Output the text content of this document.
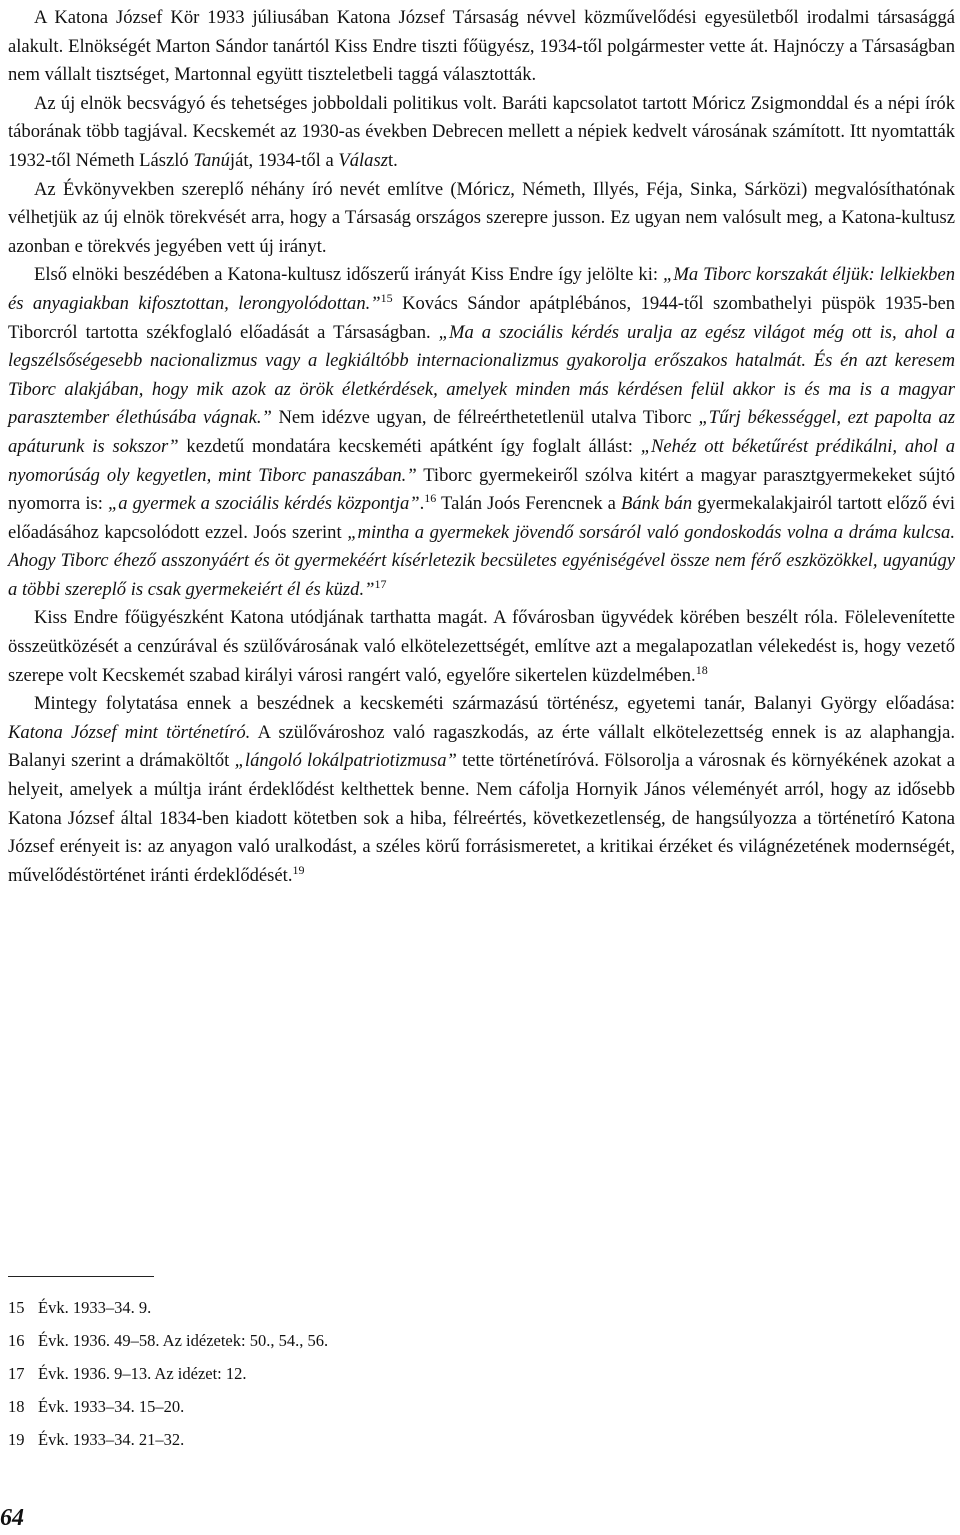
A Katona József Kör 1933 júliusában Katona József Társaság névvel közművelődési egyesületből irodalmi társasággá alakult. Elnökségét Marton Sándor tanártól Kiss Endre tiszti főügyész, 1934-től polgármester vette át. Hajnóczy a Társaságban nem vállalt tisztséget, Martonnal együtt tiszteletbeli taggá választották.

Az új elnök becsvágyó és tehetséges jobboldali politikus volt. Baráti kapcsolatot tartott Móricz Zsigmonddal és a népi írók táborának több tagjával. Kecskemét az 1930-as években Debrecen mellett a népiek kedvelt városának számított. Itt nyomtatták 1932-től Németh László Tanúját, 1934-től a Választ.

Az Évkönyvekben szereplő néhány író nevét említve (Móricz, Németh, Illyés, Féja, Sinka, Sárközi) megvalósíthatónak vélhetjük az új elnök törekvését arra, hogy a Társaság országos szerepre jusson. Ez ugyan nem valósult meg, a Katona-kultusz azonban e törekvés jegyében vett új irányt.

Első elnöki beszédében a Katona-kultusz időszerű irányát Kiss Endre így jelölte ki: „Ma Tiborc korszakát éljük: lelkiekben és anyagiakban kifosztottan, lerongyolódottan.”$^{15}$ Kovács Sándor apátplébános, 1944-től szombathelyi püspök 1935-ben Tiborcról tartotta székfoglaló előadását a Társaságban. „Ma a szociális kérdés uralja az egész világot még ott is, ahol a legszélsőségesebb nacionalizmus vagy a legkiáltóbb internacionalizmus gyakorolja erőszakos hatalmát. És én azt keresem Tiborc alakjában, hogy mik azok az örök életkérdések, amelyek minden más kérdésen felül akkor is és ma is a magyar parasztember élethúsába vágnak.” Nem idézve ugyan, de félreérthetetlenül utalva Tiborc „Tűrj békességgel, ezt papolta az apáturunk is sokszor” kezdetű mondatára kecskeméti apátként így foglalt állást: „Nehéz ott béketűrést prédikálni, ahol a nyomorúság oly kegyetlen, mint Tiborc panaszában.” Tiborc gyermekeiről szólva kitért a magyar parasztgyermekeket sújtó nyomorra is: „a gyermek a szociális kérdés központja”.$^{16}$ Talán Joós Ferencnek a Bánk bán gyermekalakjairól tartott előző évi előadásához kapcsolódott ezzel. Joós szerint „mintha a gyermekek jövendő sorsáról való gondoskodás volna a dráma kulcsa. Ahogy Tiborc éhező asszonyáért és öt gyermekéért kísérletezik becsületes egyéniségével össze nem férő eszközökkel, ugyanúgy a többi szereplő is csak gyermekeiért él és küzd.”$^{17}$

Kiss Endre főügyészként Katona utódjának tarthatta magát. A fővárosban ügyvédek körében beszélt róla. Fölelevenítette összeütközését a cenzúrával és szülővárosának való elkötelezettségét, említve azt a megalapozatlan vélekedést is, hogy vezető szerepe volt Kecskemét szabad királyi városi rangért való, egyelőre sikertelen küzdelmében.$^{18}$

Mintegy folytatása ennek a beszédnek a kecskeméti származású történész, egyetemi tanár, Balanyi György előadása: Katona József mint történetíró. A szülővároshoz való ragaszkodás, az érte vállalt elkötelezettség ennek is az alaphangja. Balanyi szerint a drámaköltőt „lángoló lokálpatriotizmusa” tette történetíróvá. Fölsorolja a városnak és környékének azokat a helyeit, amelyek a múltja iránt érdeklődést kelthettek benne. Nem cáfolja Hornyik János véleményét arról, hogy az idősebb Katona József által 1834-ben kiadott kötetben sok a hiba, félreértés, következetlenség, de hangsúlyozza a történetíró Katona József erényeit is: az anyagon való uralkodást, a széles körű forrásismeretet, a kritikai érzéket és világnézetének modernségét, művelődéstörténet iránti érdeklődését.$^{19}$

15 Évk. 1933–34. 9.

16 Évk. 1936. 49–58. Az idézetek: 50., 54., 56.

17 Évk. 1936. 9–13. Az idézet: 12.

18 Évk. 1933–34. 15–20.

19 Évk. 1933–34. 21–32.

64
